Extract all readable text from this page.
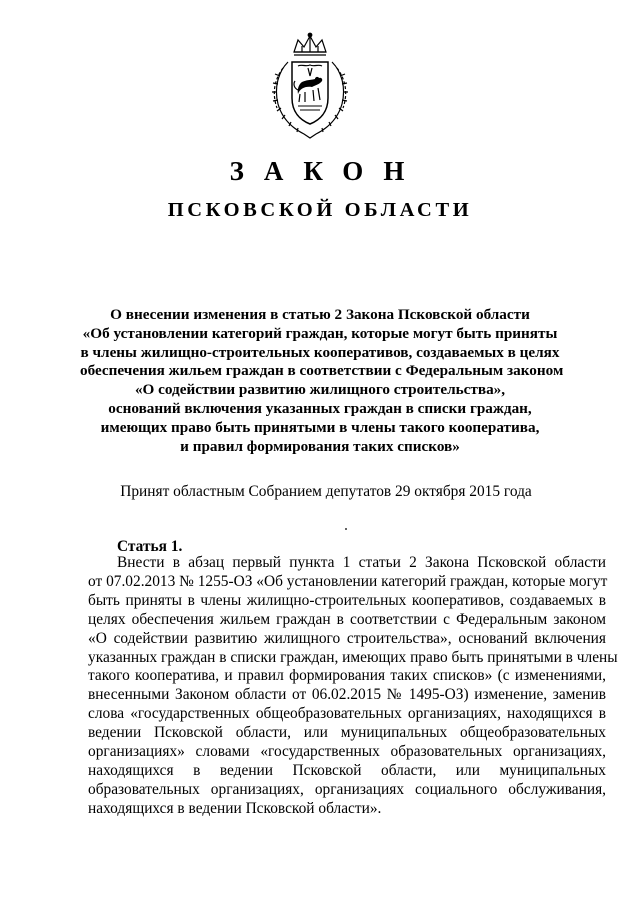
ЗАКОН
ПСКОВСКОЙ ОБЛАСТИ
О внесении изменения в статью 2 Закона Псковской области
«Об установлении категорий граждан, которые могут быть приняты
в члены жилищно-строительных кооперативов, создаваемых в целях
обеспечения жильем граждан в соответствии с Федеральным законом
«О содействии развитию жилищного строительства»,
оснований включения указанных граждан в списки граждан,
имеющих право быть принятыми в члены такого кооператива,
и правил формирования таких списков»
Принят областным Собранием депутатов 29 октября 2015 года
Статья 1.
Внести в абзац первый пункта 1 статьи 2 Закона Псковской области
от 07.02.2013 № 1255-ОЗ «Об установлении категорий граждан, которые могут
быть приняты в члены жилищно-строительных кооперативов, создаваемых в
целях обеспечения жильем граждан в соответствии с Федеральным законом
«О содействии развитию жилищного строительства», оснований включения
указанных граждан в списки граждан, имеющих право быть принятыми в члены
такого кооператива, и правил формирования таких списков» (с изменениями,
внесенными Законом области от 06.02.2015 № 1495-ОЗ) изменение, заменив
слова «государственных общеобразовательных организациях, находящихся в
ведении Псковской области, или муниципальных общеобразовательных
организациях» словами «государственных образовательных организациях,
находящихся в ведении Псковской области, или муниципальных
образовательных организациях, организациях социального обслуживания,
находящихся в ведении Псковской области».
